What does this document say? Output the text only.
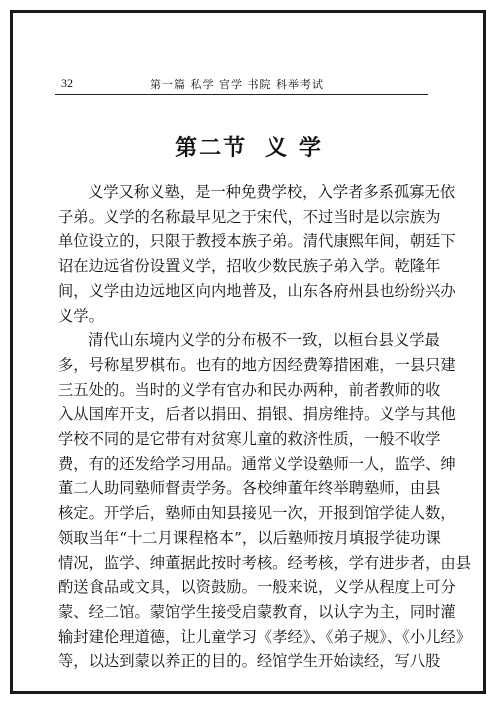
32	第一篇 私学 官学 书院 科举考试
第二节 义 学
义学又称义塾，是一种免费学校，入学者多系孤寡无依
子弟。义学的名称最早见之于宋代，不过当时是以宗族为
单位设立的，只限于教授本族子弟。清代康熙年间，朝廷下
诏在边远省份设置义学，招收少数民族子弟入学。乾隆年
间，义学由边远地区向内地普及，山东各府州县也纷纷兴办
义学。
清代山东境内义学的分布极不一致，以桓台县义学最
多，号称星罗棋布。也有的地方因经费筹措困难，一县只建
三五处的。当时的义学有官办和民办两种，前者教师的收
入从国库开支，后者以捐田、捐银、捐房维持。义学与其他
学校不同的是它带有对贫寒儿童的救济性质，一般不收学
费，有的还发给学习用品。通常义学设塾师一人，监学、绅
董二人助同塾师督责学务。各校绅董年终举聘塾师，由县
核定。开学后，塾师由知县接见一次，开报到馆学徒人数，
领取当年“十二月课程格本”，以后塾师按月填报学徒功课
情况，监学、绅董据此按时考核。经考核，学有进步者，由县
酌送食品或文具，以资鼓励。一般来说，义学从程度上可分
蒙、经二馆。蒙馆学生接受启蒙教育，以认字为主，同时灌
输封建伦理道德，让儿童学习《孝经》、《弟子规》、《小儿经》
等，以达到蒙以养正的目的。经馆学生开始读经，写八股
